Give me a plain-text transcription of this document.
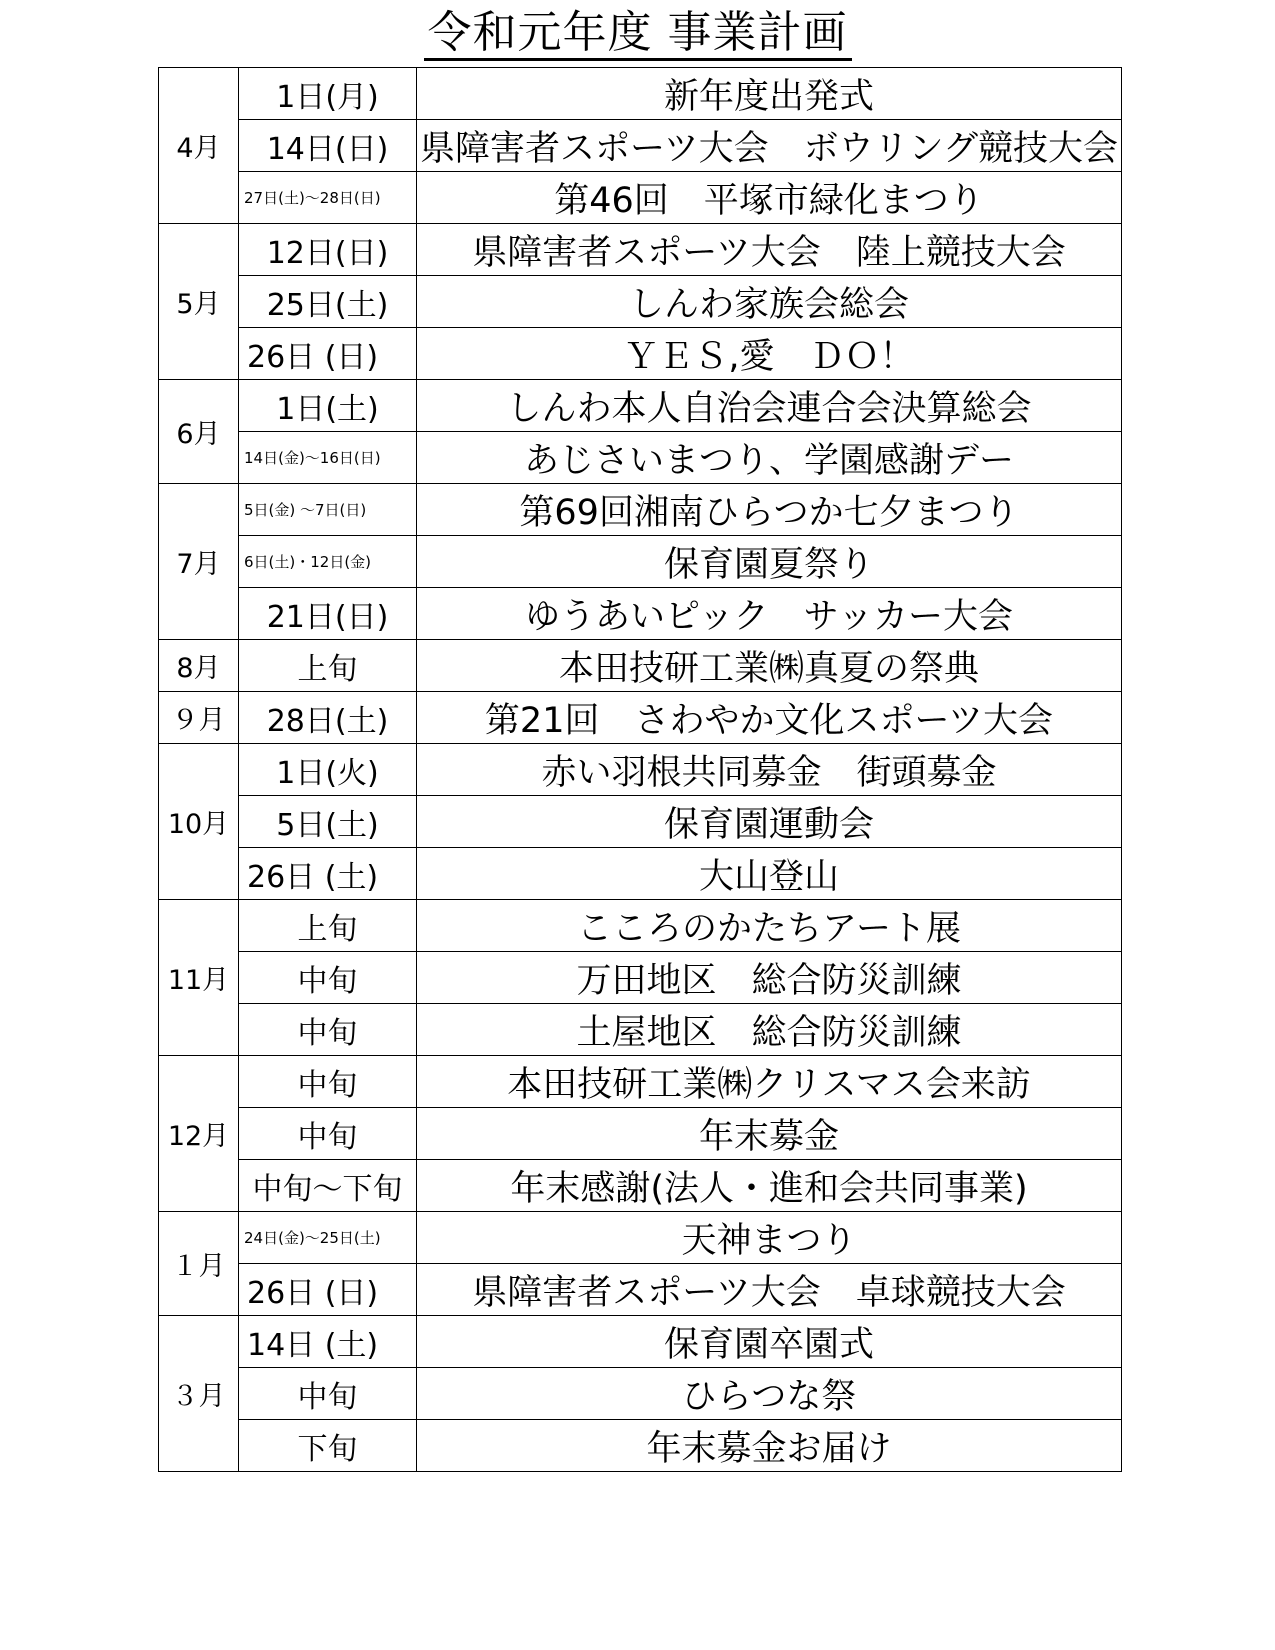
令和元年度 事業計画
4月	1日(月)	新年度出発式
	14日(日)	県障害者スポーツ大会　ボウリング競技大会
	27日(土)～28日(日)	第46回　平塚市緑化まつり
5月	12日(日)	県障害者スポーツ大会　陸上競技大会
	25日(土)	しんわ家族会総会
	26日 (日)	ＹＥＳ,愛　ＤＯ！
6月	1日(土)	しんわ本人自治会連合会決算総会
	14日(金)～16日(日)	あじさいまつり、学園感謝デー
7月	5日(金) ～7日(日)	第69回湘南ひらつか七夕まつり
	6日(土)・12日(金)	保育園夏祭り
	21日(日)	ゆうあいピック　サッカー大会
8月	上旬	本田技研工業㈱真夏の祭典
９月	28日(土)	第21回　さわやか文化スポーツ大会
10月	1日(火)	赤い羽根共同募金　街頭募金
	5日(土)	保育園運動会
	26日 (土)	大山登山
11月	上旬	こころのかたちアート展
	中旬	万田地区　総合防災訓練
	中旬	土屋地区　総合防災訓練
12月	中旬	本田技研工業㈱クリスマス会来訪
	中旬	年末募金
	中旬～下旬	年末感謝(法人・進和会共同事業)
１月	24日(金)～25日(土)	天神まつり
	26日 (日)	県障害者スポーツ大会　卓球競技大会
３月	14日 (土)	保育園卒園式
	中旬	ひらつな祭
	下旬	年末募金お届け
